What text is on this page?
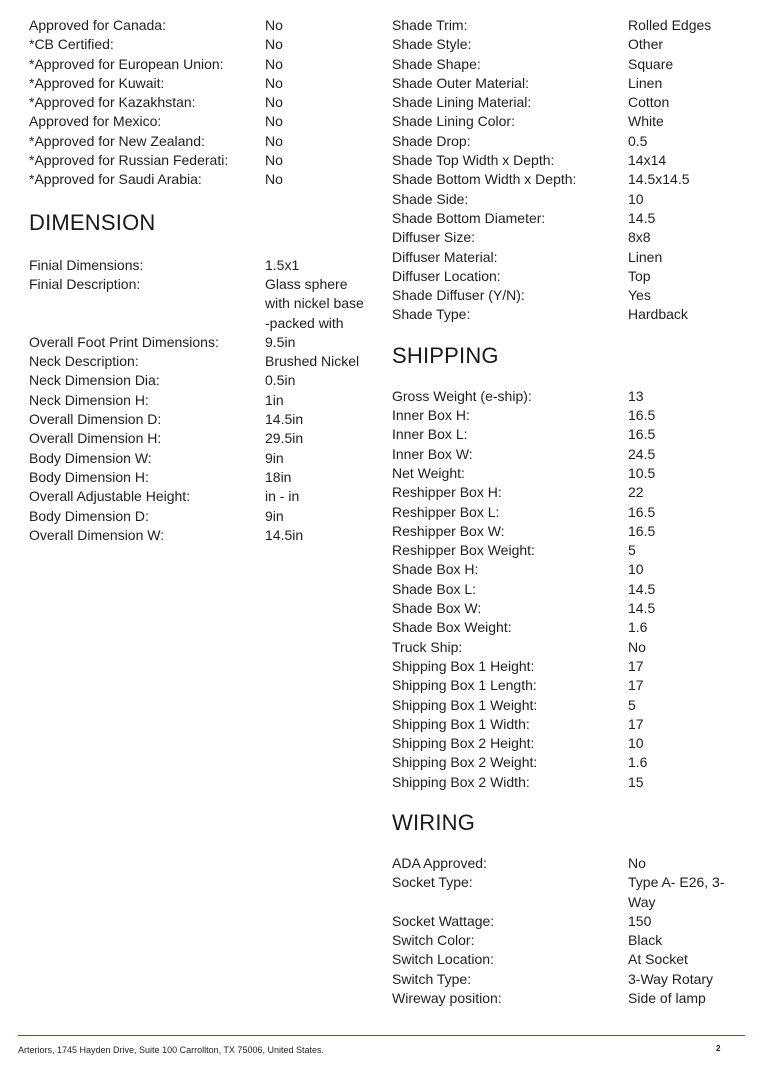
Approved for Canada:	No
*CB Certified:	No
*Approved for European Union:	No
*Approved for Kuwait:	No
*Approved for Kazakhstan:	No
Approved for Mexico:	No
*Approved for New Zealand:	No
*Approved for Russian Federati:	No
*Approved for Saudi Arabia:	No
DIMENSION
Finial Dimensions:	1.5x1
Finial Description:	Glass sphere with nickel base -packed with
Overall Foot Print Dimensions:	9.5in
Neck Description:	Brushed Nickel
Neck Dimension Dia:	0.5in
Neck Dimension H:	1in
Overall Dimension D:	14.5in
Overall Dimension H:	29.5in
Body Dimension W:	9in
Body Dimension H:	18in
Overall Adjustable Height:	in - in
Body Dimension D:	9in
Overall Dimension W:	14.5in
Shade Trim:	Rolled Edges
Shade Style:	Other
Shade Shape:	Square
Shade Outer Material:	Linen
Shade Lining Material:	Cotton
Shade Lining Color:	White
Shade Drop:	0.5
Shade Top Width x Depth:	14x14
Shade Bottom Width x Depth:	14.5x14.5
Shade Side:	10
Shade Bottom Diameter:	14.5
Diffuser Size:	8x8
Diffuser Material:	Linen
Diffuser Location:	Top
Shade Diffuser (Y/N):	Yes
Shade Type:	Hardback
SHIPPING
Gross Weight (e-ship):	13
Inner Box H:	16.5
Inner Box L:	16.5
Inner Box W:	24.5
Net Weight:	10.5
Reshipper Box H:	22
Reshipper Box L:	16.5
Reshipper Box W:	16.5
Reshipper Box Weight:	5
Shade Box H:	10
Shade Box L:	14.5
Shade Box W:	14.5
Shade Box Weight:	1.6
Truck Ship:	No
Shipping Box 1 Height:	17
Shipping Box 1 Length:	17
Shipping Box 1 Weight:	5
Shipping Box 1 Width:	17
Shipping Box 2 Height:	10
Shipping Box 2 Weight:	1.6
Shipping Box 2 Width:	15
WIRING
ADA Approved:	No
Socket Type:	Type A- E26, 3-Way
Socket Wattage:	150
Switch Color:	Black
Switch Location:	At Socket
Switch Type:	3-Way Rotary
Wireway position:	Side of lamp
Arteriors, 1745 Hayden Drive, Suite 100 Carrollton, TX 75006, United States.	2
